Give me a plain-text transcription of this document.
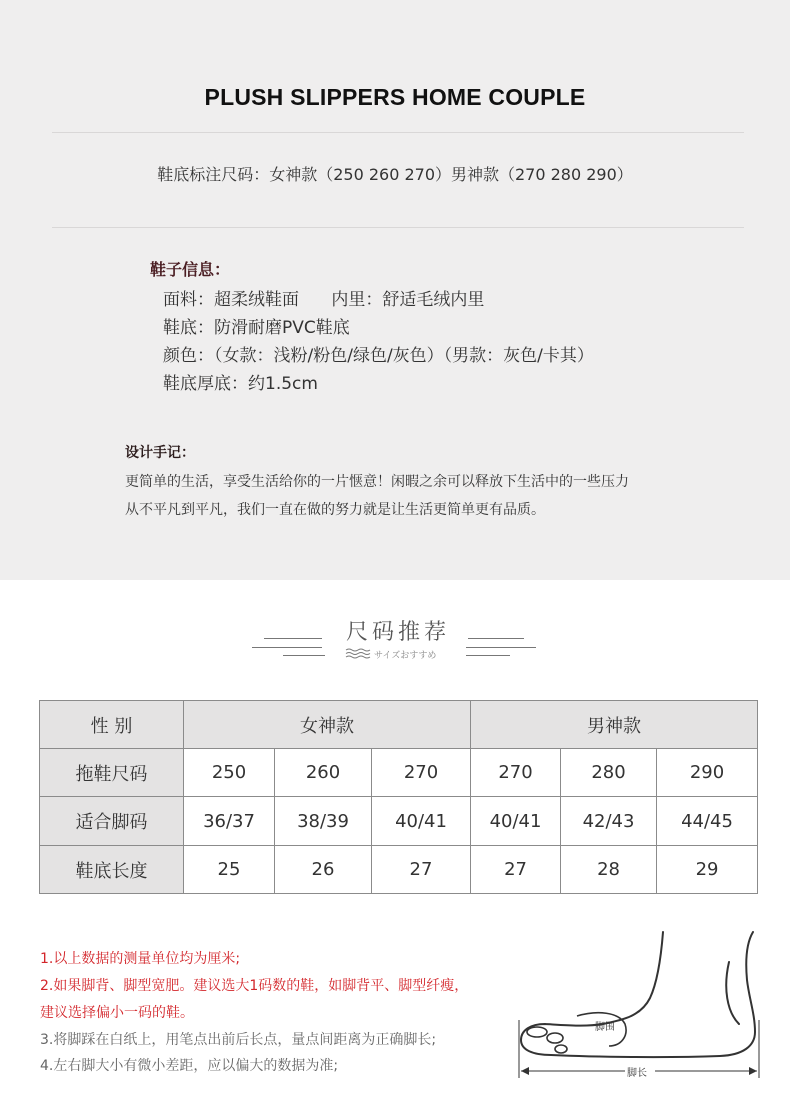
PLUSH SLIPPERS HOME COUPLE
鞋底标注尺码：女神款（250 260 270）男神款（270 280 290）
鞋子信息：
面料：超柔绒鞋面      内里：舒适毛绒内里
鞋底：防滑耐磨PVC鞋底
颜色：（女款：浅粉/粉色/绿色/灰色）（男款：灰色/卡其）
鞋底厚底：约1.5cm
设计手记：
更简单的生活，享受生活给你的一片惬意！闲暇之余可以释放下生活中的一些压力
从不平凡到平凡，我们一直在做的努力就是让生活更简单更有品质。
尺码推荐
サイズおすすめ
性 别	女神款			男神款		
拖鞋尺码	250	260	270	270	280	290
适合脚码	36/37	38/39	40/41	40/41	42/43	44/45
鞋底长度	25	26	27	27	28	29
1.以上数据的测量单位均为厘米;
2.如果脚背、脚型宽肥。建议选大1码数的鞋，如脚背平、脚型纤瘦，
建议选择偏小一码的鞋。
3.将脚踩在白纸上，用笔点出前后长点，量点间距离为正确脚长;
4.左右脚大小有微小差距，应以偏大的数据为准;
脚围
脚长
